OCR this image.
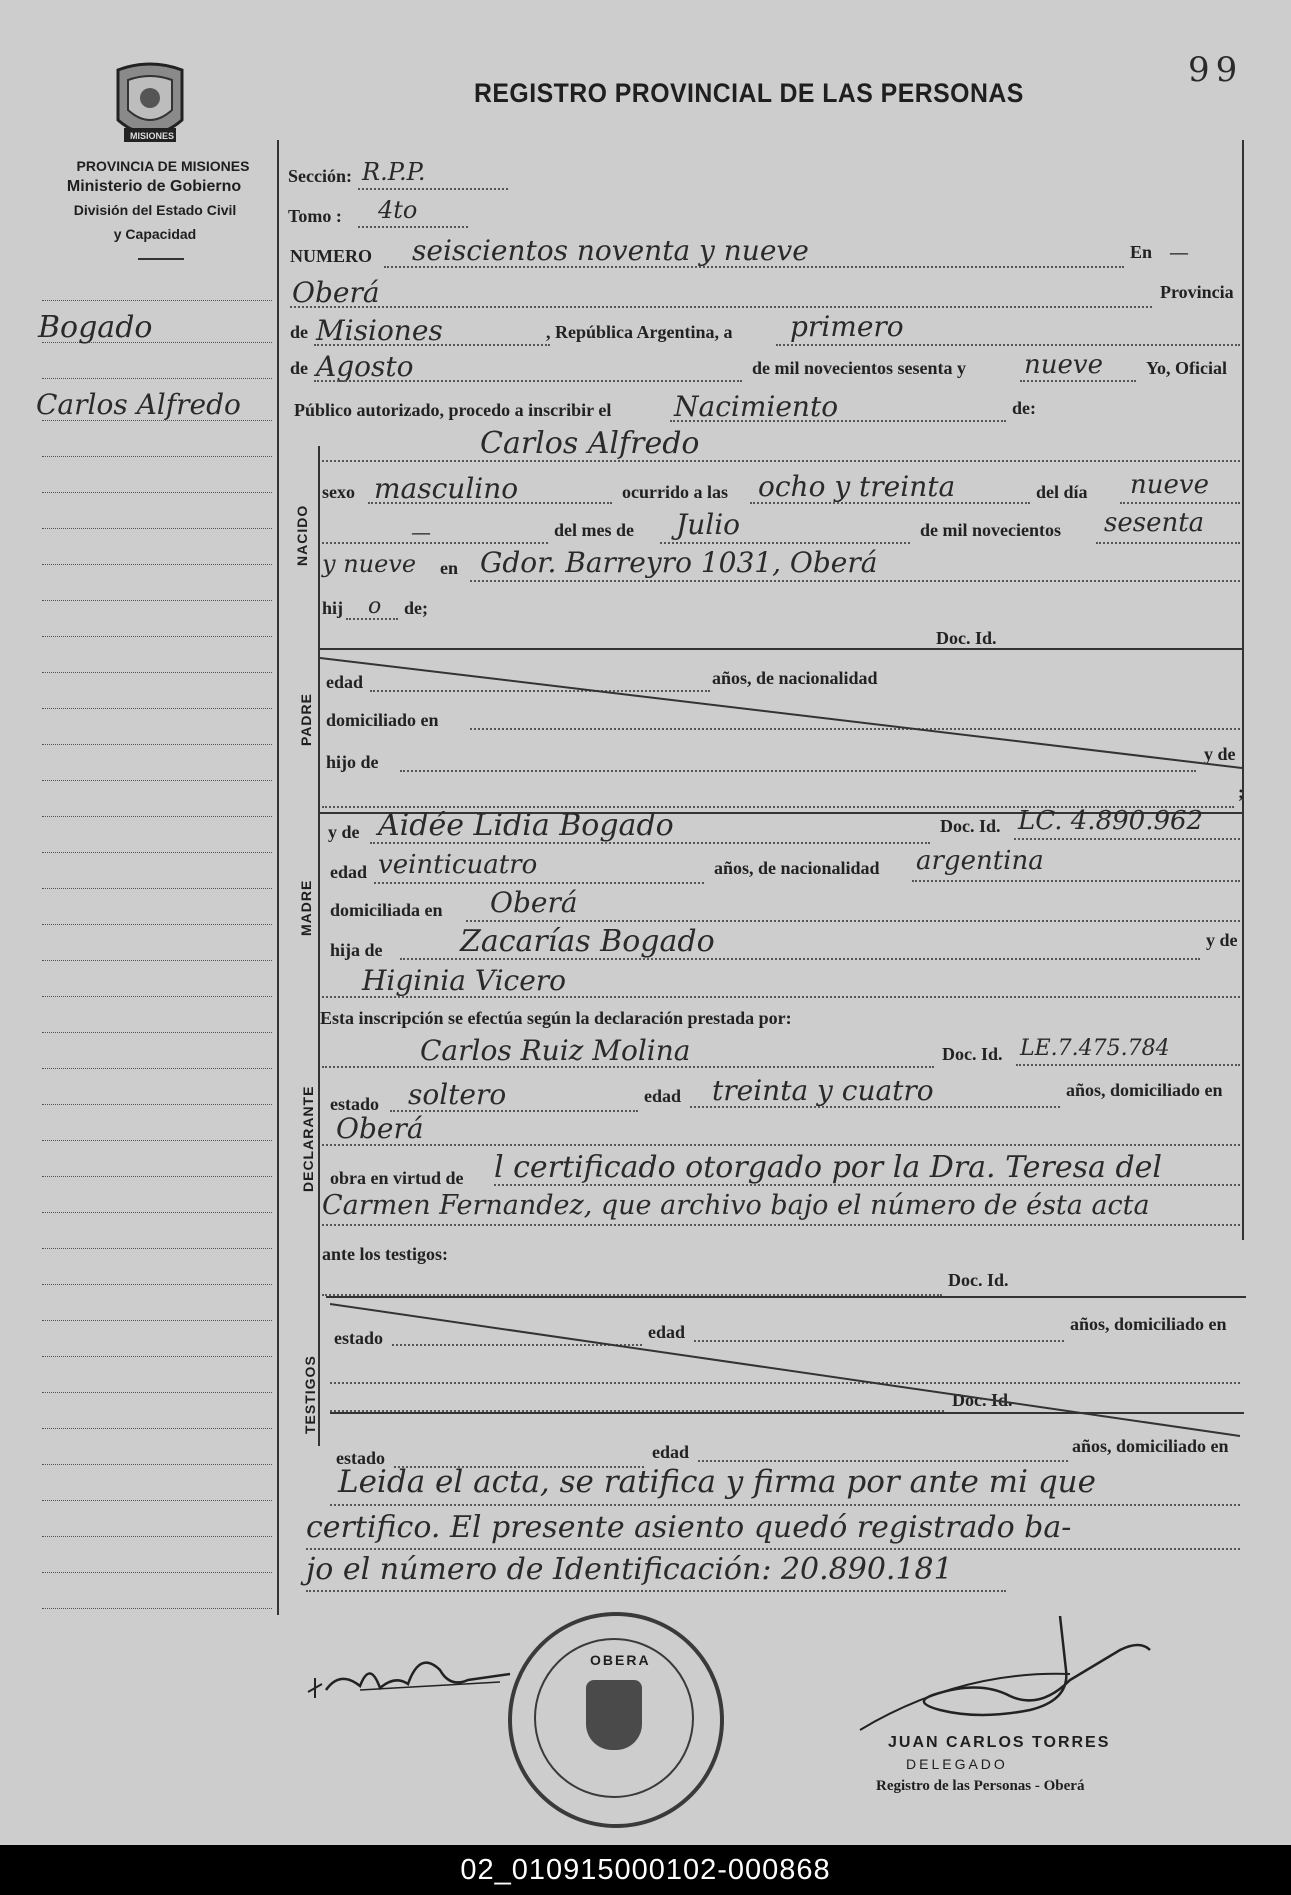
99
MISIONES
PROVINCIA DE MISIONES
Ministerio de Gobierno
División del Estado Civil
y Capacidad
REGISTRO PROVINCIAL DE LAS PERSONAS
Bogado
Carlos Alfredo
Sección: R.P.P.
Tomo : 4to
NUMERO seiscientos noventa y nueve	En —
Oberá	Provincia
de Misiones	, República Argentina, a primero
de Agosto	de mil novecientos sesenta y nueve Yo, Oficial
Público autorizado, procedo a inscribir el Nacimiento	de:
NACIDO
Carlos Alfredo
sexo masculino	ocurrido a las ocho y treinta	del día nueve
—	del mes de Julio	de mil novecientos sesenta
y nueve en Gdor. Barreyro 1031, Oberá
hij o de;
PADRE
Doc. Id.
edad	años, de nacionalidad
domiciliado en
hijo de	y de
;
MADRE
y de Aidée Lidia Bogado	Doc. Id. LC. 4.890.962
edad veinticuatro	años, de nacionalidad argentina
domiciliada en Oberá
hija de	Zacarías Bogado	y de
Higinia Vicero
Esta inscripción se efectúa según la declaración prestada por:
DECLARANTE
Carlos Ruiz Molina	Doc. Id. LE.7.475.784
estado soltero	edad treinta y cuatro	años, domiciliado en
Oberá
obra en virtud de l certificado otorgado por la Dra. Teresa del
Carmen Fernandez, que archivo bajo el número de ésta acta
ante los testigos:
TESTIGOS
Doc. Id.
estado	edad	años, domiciliado en
Doc. Id.
estado	edad	años, domiciliado en
Leida el acta, se ratifica y firma por ante mi que
certifico. El presente asiento quedó registrado ba-
jo el número de Identificación: 20.890.181
JUAN CARLOS TORRES
DELEGADO
Registro de las Personas - Oberá
OBERA
02_010915000102-000868
